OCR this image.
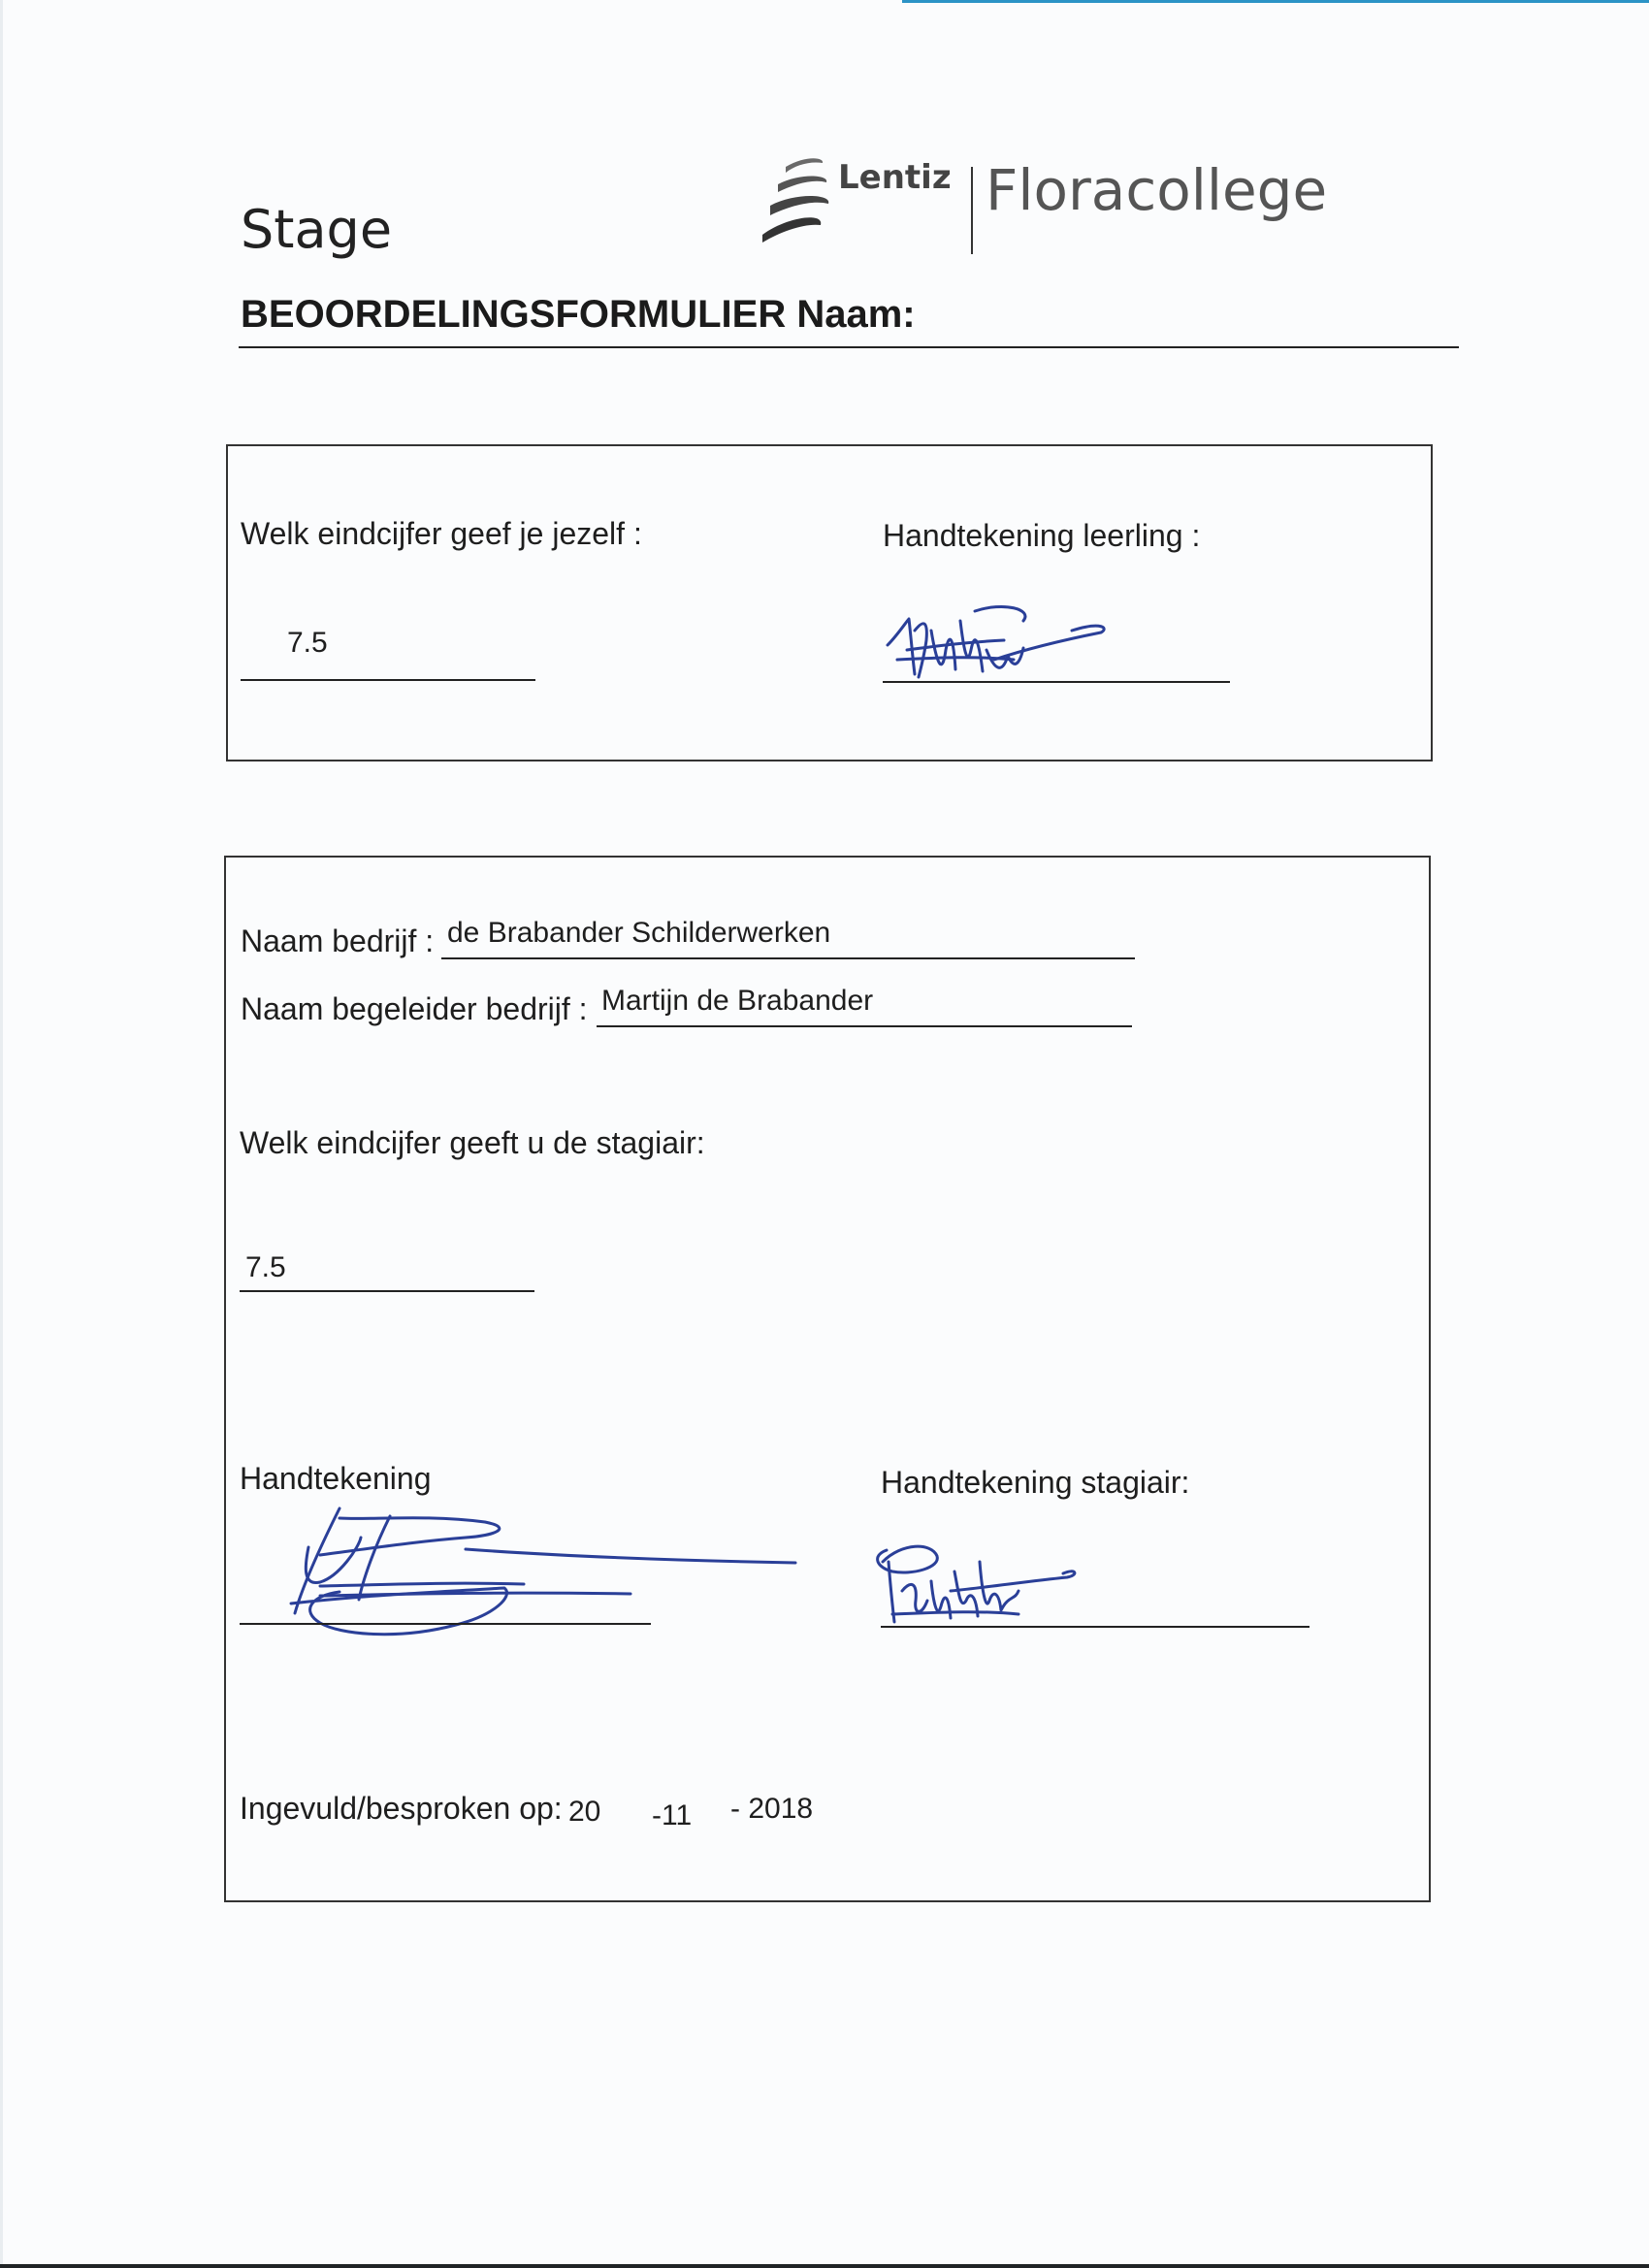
Stage
Lentiz Floracollege
BEOORDELINGSFORMULIER Naam:
Welk eindcijfer geef je jezelf :
7.5
Handtekening leerling :
Naam bedrijf : de Brabander Schilderwerken
Naam begeleider bedrijf : Martijn de Brabander
Welk eindcijfer geeft u de stagiair:
7.5
Handtekening	Handtekening stagiair:
Ingevuld/besproken op: 20 -11 - 2018
